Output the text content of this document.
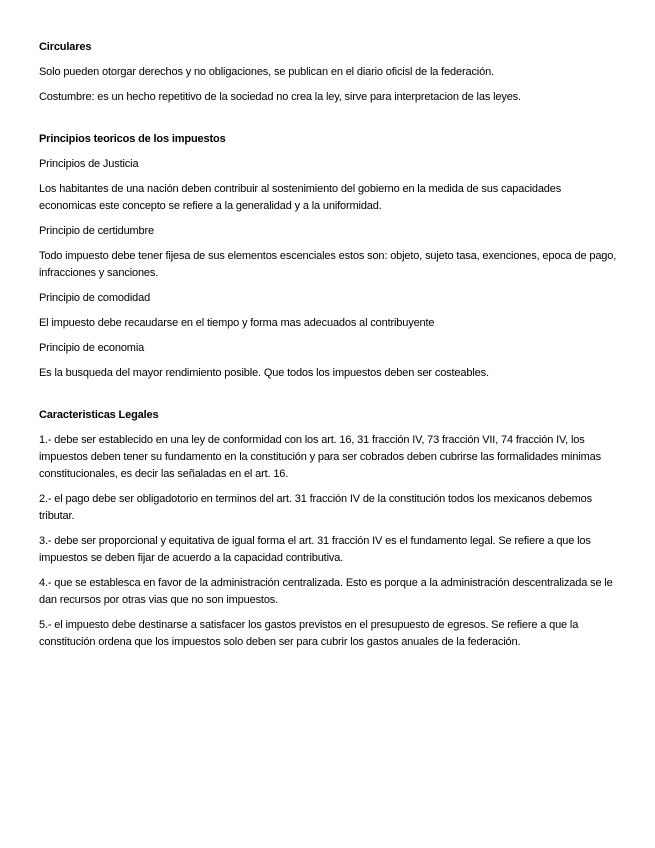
Circulares

Solo pueden otorgar derechos y no obligaciones, se publican en el diario oficisl de la federación.

Costumbre: es un hecho repetitivo de la sociedad no crea la ley, sirve para interpretacion de las leyes.

Principios teoricos de los impuestos

Principios de Justicia

Los habitantes de una nación deben contribuir al sostenimiento del gobierno en la medida de sus capacidades economicas este concepto se refiere a la generalidad y a la uniformidad.

Principio de certidumbre

Todo impuesto debe tener fijesa de sus elementos escenciales estos son: objeto, sujeto tasa, exenciones, epoca de pago, infracciones y sanciones.

Principio de comodidad

El impuesto debe recaudarse en el tiempo y forma mas adecuados al contribuyente

Principio de economia

Es la busqueda del mayor rendimiento posible. Que todos los impuestos deben ser costeables.

Caracteristicas Legales

1.- debe ser establecido en una ley de conformidad con los art. 16, 31 fracción IV, 73 fracción VII, 74 fracción IV, los impuestos deben tener su fundamento en la constitución y para ser cobrados deben cubrirse las formalidades minimas constitucionales, es decir las señaladas en el art. 16.

2.- el pago debe ser obligadotorio en terminos del art. 31 fracción IV de la constitución todos los mexicanos debemos tributar.

3.- debe ser proporcional y equitativa de igual forma el art. 31 fracción IV es el fundamento legal. Se refiere a que los impuestos se deben fijar de acuerdo a la capacidad contributiva.

4.- que se establesca en favor de la administración centralizada. Esto es porque a la administración descentralizada se le dan recursos por otras vias que no son impuestos.

5.- el impuesto debe destinarse a satisfacer los gastos previstos en el presupuesto de egresos. Se refiere a que la constitución ordena que los impuestos solo deben ser para cubrir los gastos anuales de la federación.
